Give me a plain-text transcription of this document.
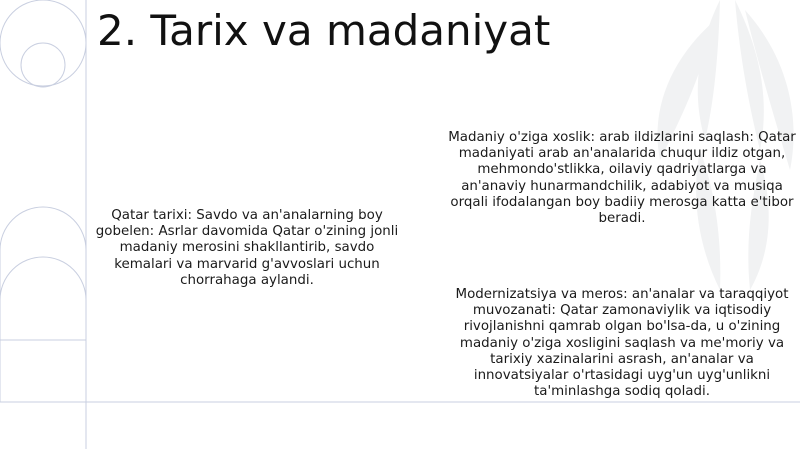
2. Tarix va madaniyat
Qatar tarixi: Savdo va an'analarning boy gobelen: Asrlar davomida Qatar o'zining jonli madaniy merosini shakllantirib, savdo kemalari va marvarid g'avvoslari uchun chorrahaga aylandi.
Madaniy o'ziga xoslik: arab ildizlarini saqlash: Qatar madaniyati arab an'analarida chuqur ildiz otgan, mehmondo'stlikka, oilaviy qadriyatlarga va an'anaviy hunarmandchilik, adabiyot va musiqa orqali ifodalangan boy badiiy merosga katta e'tibor beradi.
Modernizatsiya va meros: an'analar va taraqqiyot muvozanati: Qatar zamonaviylik va iqtisodiy rivojlanishni qamrab olgan bo'lsa-da, u o'zining madaniy o'ziga xosligini saqlash va me'moriy va tarixiy xazinalarini asrash, an'analar va innovatsiyalar o'rtasidagi uyg'un uyg'unlikni ta'minlashga sodiq qoladi.
